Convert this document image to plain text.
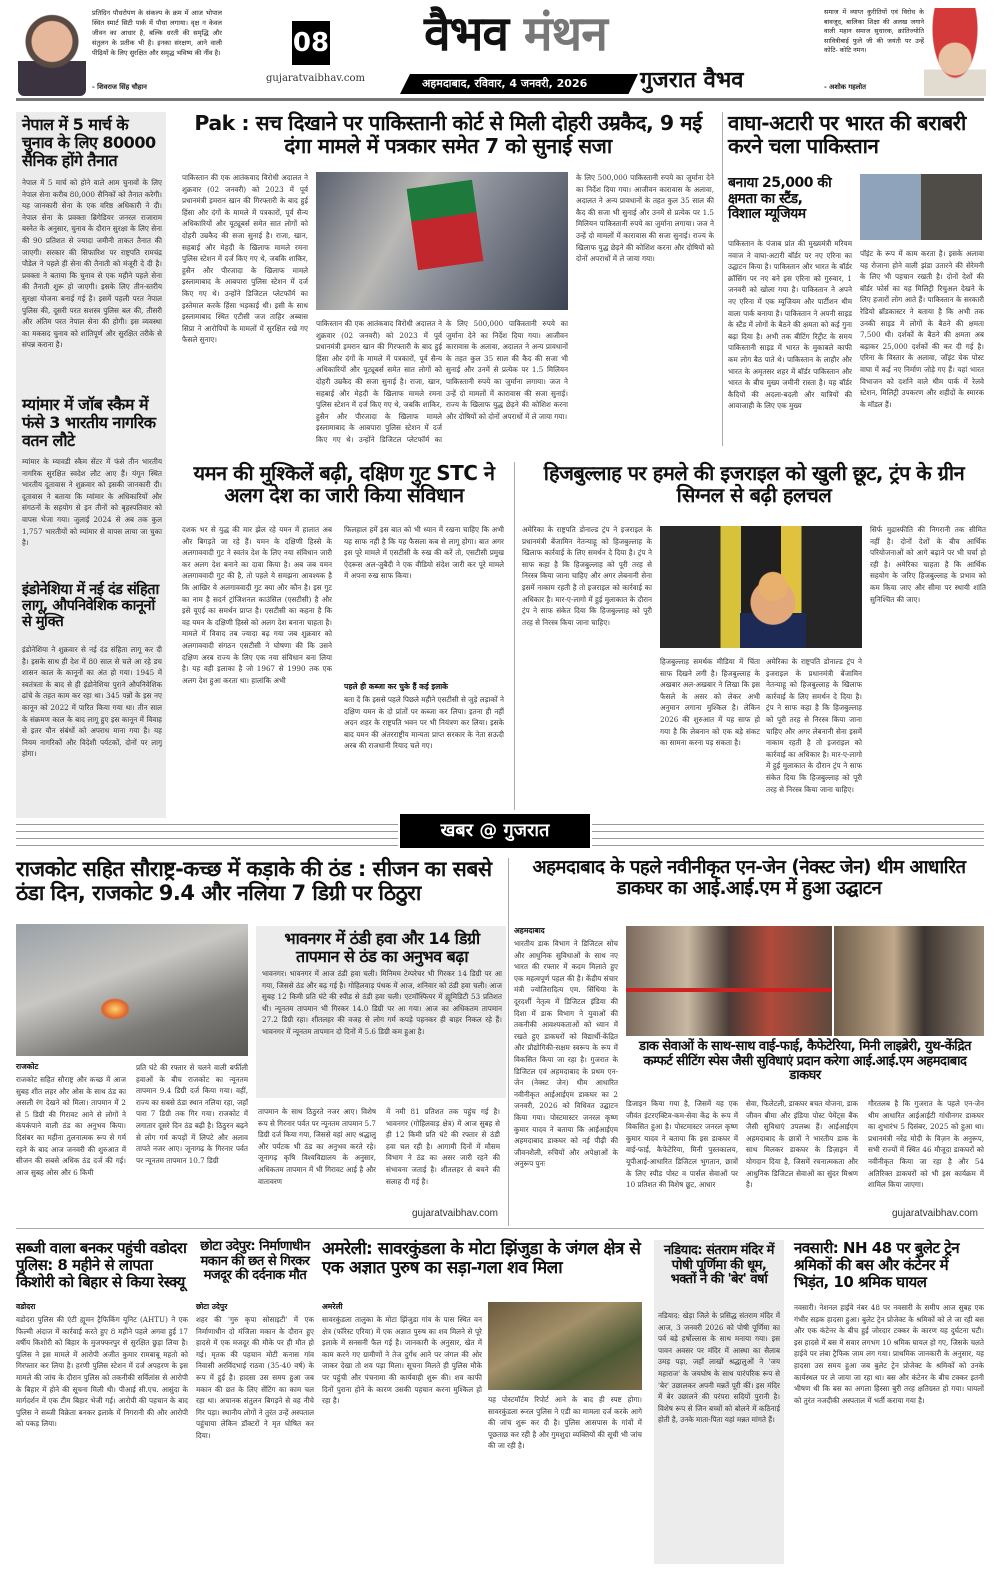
प्रतिदिन पौधरोपण के संकल्प के क्रम में आज भोपाल स्थित स्मार्ट सिटी पार्क में पौधा लगाया। वृक्ष न केवल जीवन का आधार है, बल्कि धरती की समृद्धि और संतुलन के प्रतीक भी है। इनका संरक्षण, आने वाली पीढ़ियों के लिए सुरक्षित और समृद्ध भविष्य की नींव है।
- शिवराज सिंह चौहान
08
gujaratvaibhav.com
वैभव मंथन
अहमदाबाद, रविवार, 4 जनवरी, 2026 गुजरात वैभव
समाज में व्याप्त कुरीतियों एवं विरोध के बावजूद, बालिका शिक्षा की अलख जगाने वाली महान समाज सुधारक, क्रांतिज्योति सावित्रीबाई फुले जी की जयंती पर उन्हें कोटि- कोटि नमन।
- अशोक गहलोत
नेपाल में 5 मार्च के चुनाव के लिए 80000 सैनिक होंगे तैनात
नेपाल में 5 मार्च को होने वाले आम चुनावों के लिए नेपाल सेना करीब 80,000 सैनिकों को तैनात करेगी। यह जानकारी सेना के एक वरिष्ठ अधिकारी ने दी। नेपाल सेना के प्रवक्ता ब्रिगेडियर जनरल राजाराम बस्नेत के अनुसार, चुनाव के दौरान सुरक्षा के लिए सेना की 90 प्रतिशत से ज्यादा जमीनी ताकत तैनात की जाएगी। सरकार की सिफारिश पर राष्ट्रपति रामचंद्र पौडेल ने पहले ही सेना की तैनाती को मंजूरी दे दी है। प्रवक्ता ने बताया कि चुनाव से एक महीने पहले सेना की तैनाती शुरू हो जाएगी। इसके लिए तीन-स्तरीय सुरक्षा योजना बनाई गई है। इसमें पहली परत नेपाल पुलिस की, दूसरी परत सशस्त्र पुलिस बल की, तीसरी और अंतिम परत नेपाल सेना की होगी। इस व्यवस्था का मकसद चुनाव को शांतिपूर्ण और सुरक्षित तरीके से संपन्न कराना है।
म्यांमार में जॉब स्कैम में फंसे 3 भारतीय नागरिक वतन लौटे
म्यांमार के म्यावडी स्कैम सेंटर में फंसे तीन भारतीय नागरिक सुरक्षित स्वदेश लौट आए हैं। यंगून स्थित भारतीय दूतावास ने शुक्रवार को इसकी जानकारी दी। दूतावास ने बताया कि म्यांमार के अधिकारियों और संगठनों के सहयोग से इन तीनों को बृहस्पतिवार को वापस भेजा गया। जुलाई 2024 से अब तक कुल 1,757 भारतीयों को म्यांमार से वापस लाया जा चुका है।
इंडोनेशिया में नई दंड संहिता लागू, औपनिवेशिक कानूनों से मुक्ति
इंडोनेशिया ने शुक्रवार से नई दंड संहिता लागू कर दी है। इसके साथ ही देश में 80 साल से चले आ रहे डच शासन काल के कानूनों का अंत हो गया। 1945 में स्वतंत्रता के बाद से ही इंडोनेशिया पुराने औपनिवेशिक ढांचे के तहत काम कर रहा था। 345 पन्नों के इस नए कानून को 2022 में पारित किया गया था। तीन साल के संक्रमण काल के बाद लागू हुए इस कानून में विवाह से इतर यौन संबंधों को अपराध माना गया है। यह नियम नागरिकों और विदेशी पर्यटकों, दोनों पर लागू होगा।
Pak : सच दिखाने पर पाकिस्तानी कोर्ट से मिली दोहरी उम्रकैद, 9 मई दंगा मामले में पत्रकार समेत 7 को सुनाई सजा
पाकिस्तान की एक आतंकवाद विरोधी अदालत ने शुक्रवार (02 जनवरी) को 2023 में पूर्व प्रधानमंत्री इमरान खान की गिरफ्तारी के बाद हुई हिंसा और दंगों के मामले में पत्रकारों, पूर्व सैन्य अधिकारियों और यूट्यूबर्स समेत सात लोगों को दोहरी उम्रकैद की सजा सुनाई है। राजा, खान, सहबाई और मेहदी के खिलाफ मामले रमना पुलिस स्टेशन में दर्ज किए गए थे, जबकि शाकिर, हुसैन और पीरजादा के खिलाफ मामले इस्लामाबाद के आबपारा पुलिस स्टेशन में दर्ज किए गए थे। उन्होंने डिजिटल प्लेटफॉर्म का इस्तेमाल करके हिंसा भड़काई थी। इसी के साथ इस्लामाबाद स्थित एटीसी जज ताहिर अब्बास सिप्रा ने आरोपियों के मामलों में सुरक्षित रखे गए फैसले सुनाए।
पाकिस्तान की एक आतंकवाद विरोधी अदालत ने शुक्रवार (02 जनवरी) को 2023 में पूर्व प्रधानमंत्री इमरान खान की गिरफ्तारी के बाद हुई हिंसा और दंगों के मामले में पत्रकारों, पूर्व सैन्य अधिकारियों और यूट्यूबर्स समेत सात लोगों को दोहरी उम्रकैद की सजा सुनाई है। राजा, खान, सहबाई और मेहदी के खिलाफ मामले रमना पुलिस स्टेशन में दर्ज किए गए थे, जबकि शाकिर, हुसैन और पीरजादा के खिलाफ मामले इस्लामाबाद के आबपारा पुलिस स्टेशन में दर्ज किए गए थे। उन्होंने डिजिटल प्लेटफॉर्म का
के लिए 500,000 पाकिस्तानी रुपये का जुर्माना देने का निर्देश दिया गया। आजीवन कारावास के अलावा, अदालत ने अन्य प्रावधानों के तहत कुल 35 साल की कैद की सजा भी सुनाई और उनमें से प्रत्येक पर 1.5 मिलियन पाकिस्तानी रुपये का जुर्माना लगाया। जज ने उन्हें दो मामलों में कारावास की सजा सुनाई। राज्य के खिलाफ युद्ध छेड़ने की कोशिश करना और दोषियों को दोनों अपराधों में ले जाया गया।
के लिए 500,000 पाकिस्तानी रुपये का जुर्माना देने का निर्देश दिया गया। आजीवन कारावास के अलावा, अदालत ने अन्य प्रावधानों के तहत कुल 35 साल की कैद की सजा भी सुनाई और उनमें से प्रत्येक पर 1.5 मिलियन पाकिस्तानी रुपये का जुर्माना लगाया। जज ने उन्हें दो मामलों में कारावास की सजा सुनाई। राज्य के खिलाफ युद्ध छेड़ने की कोशिश करना और दोषियों को दोनों अपराधों में ले जाया गया।
वाघा-अटारी पर भारत की बराबरी करने चला पाकिस्तान
बनाया 25,000 की क्षमता का स्टैंड, विशाल म्यूजियम
पाकिस्तान के पंजाब प्रांत की मुख्यमंत्री मरियम नवाज ने वाघा-अटारी बॉर्डर पर नए एरिना का उद्घाटन किया है। पाकिस्तान और भारत के बॉर्डर क्रॉसिंग पर नए बने इस एरिना को गुरुवार, 1 जनवरी को खोला गया है। पाकिस्तान ने अपने नए एरिना में एक म्यूजियम और पार्टीशन थीम वाला पार्क बनाया है। पाकिस्तान ने अपनी साइड के स्टैंड में लोगों के बैठने की क्षमता को कई गुना बढ़ा दिया है। अभी तक बीटिंग रिट्रीट के समय पाकिस्तानी साइड में भारत के मुकाबले काफी कम लोग बैठ पाते थे। पाकिस्तान के लाहौर और भारत के अमृतसर शहर में बॉर्डर पाकिस्तान और भारत के बीच मुख्य जमीनी रास्ता है। यह बॉर्डर कैदियों की अदला-बदली और यात्रियों की आवाजाही के लिए एक मुख्य
पॉइंट के रूप में काम करता है। इसके अलावा यह रोजाना होने वाली झंडा उतारने की सेरेमनी के लिए भी पहचान रखती है। दोनों देशों की बॉर्डर फोर्स का यह मिलिट्री रिचुअल देखने के लिए हजारों लोग आते हैं। पाकिस्तान के सरकारी रेडियो ब्रॉडकास्टर ने बताया है कि अभी तक उनकी साइड में लोगों के बैठने की क्षमता 7,500 थी। दर्शकों के बैठने की क्षमता अब बढ़ाकर 25,000 दर्शकों की कर दी गई है। एरिना के विस्तार के अलावा, जॉइंट चेक पोस्ट वाघा में कई नए निर्माण जोड़े गए हैं। यहां भारत विभाजन को दर्शाने वाले थीम पार्क में रेलवे स्टेशन, मिलिट्री उपकरण और शहीदों के स्मारक के मॉडल हैं।
यमन की मुश्किलें बढ़ी, दक्षिण गुट STC ने अलग देश का जारी किया संविधान
दशक भर से युद्ध की मार झेल रहे यमन में हालात अब और बिगड़ते जा रहे हैं। यमन के दक्षिणी हिस्से के अलगाववादी गुट ने स्वतंत्र देश के लिए नया संविधान जारी कर अलग देश बनाने का दावा किया है। अब जब यमन अलगाववादी गुट की है, तो पहले ये समझना आवश्यक है कि आखिर ये अलगाववादी गुट क्या और कौन है। इस गुट का नाम है सदर्न ट्रांजिशनल काउंसिल (एसटीसी) है और इसे यूएई का समर्थन प्राप्त है। एसटीसी का कहना है कि वह यमन के दक्षिणी हिस्से को अलग देश बनाना चाहता है। मामले में विवाद तब ज्यादा बढ़ गया जब शुक्रवार को अलगाववादी संगठन एसटीसी ने घोषणा की कि उसने दक्षिण अरब राज्य के लिए एक नया संविधान बना लिया है। यह वही इलाका है जो 1967 से 1990 तक एक अलग देश हुआ करता था। हालांकि अभी
फिलहाल हमें इस बात को भी ध्यान में रखना चाहिए कि अभी यह साफ नहीं है कि यह फैसला कब से लागू होगा। बात अगर इस पूरे मामले में एसटीसी के रुख की करें तो, एसटीसी प्रमुख ऐदरूस अल-जुबैदी ने एक वीडियो संदेश जारी कर पूरे मामले में अपना रुख साफ किया।
पहले ही कब्जा कर चुके हैं कई इलाके
बता दें कि इससे पहले पिछले महीने एसटीसी से जुड़े लड़ाकों ने दक्षिण यमन के दो प्रांतों पर कब्जा कर लिया। इतना ही नहीं अदन शहर के राष्ट्रपति भवन पर भी नियंत्रण कर लिया। इसके बाद यमन की अंतरराष्ट्रीय मान्यता प्राप्त सरकार के नेता सऊदी अरब की राजधानी रियाद चले गए।
हिजबुल्लाह पर हमले की इजराइल को खुली छूट, ट्रंप के ग्रीन सिग्नल से बढ़ी हलचल
अमेरिका के राष्ट्रपति डोनाल्ड ट्रंप ने इजराइल के प्रधानमंत्री बेंजामिन नेतन्याहू को हिजबुल्लाह के खिलाफ कार्रवाई के लिए समर्थन दे दिया है। ट्रंप ने साफ कहा है कि हिजबुल्लाह को पूरी तरह से निरस्त्र किया जाना चाहिए और अगर लेबनानी सेना इसमें नाकाम रहती है तो इजराइल को कार्रवाई का अधिकार है। मार-ए-लागो में हुई मुलाकात के दौरान ट्रंप ने साफ संकेत दिया कि हिजबुल्लाह को पूरी तरह से निरस्त्र किया जाना चाहिए।
हिजबुल्लाह समर्थक मीडिया में चिंता साफ दिखने लगी है। हिजबुल्लाह के अखबार अल-अखबार ने लिखा कि इस फैसले के असर को लेकर अभी अनुमान लगाना मुश्किल है। लेकिन 2026 की शुरुआत में यह साफ हो गया है कि लेबनान को एक बड़े संकट का सामना करना पड़ सकता है।
अमेरिका के राष्ट्रपति डोनाल्ड ट्रंप ने इजराइल के प्रधानमंत्री बेंजामिन नेतन्याहू को हिजबुल्लाह के खिलाफ कार्रवाई के लिए समर्थन दे दिया है। ट्रंप ने साफ कहा है कि हिजबुल्लाह को पूरी तरह से निरस्त्र किया जाना चाहिए और अगर लेबनानी सेना इसमें नाकाम रहती है तो इजराइल को कार्रवाई का अधिकार है। मार-ए-लागो में हुई मुलाकात के दौरान ट्रंप ने साफ संकेत दिया कि हिजबुल्लाह को पूरी तरह से निरस्त्र किया जाना चाहिए।
सिर्फ मुद्रास्फीति की निगरानी तक सीमित नहीं है। दोनों देशों के बीच आर्थिक परियोजनाओं को आगे बढ़ाने पर भी चर्चा हो रही है। अमेरिका चाहता है कि आर्थिक सहयोग के जरिए हिजबुल्लाह के प्रभाव को कम किया जाए और सीमा पर स्थायी शांति सुनिश्चित की जाए।
खबर @ गुजरात
राजकोट सहित सौराष्ट्र-कच्छ में कड़ाके की ठंड : सीजन का सबसे ठंडा दिन, राजकोट 9.4 और नलिया 7 डिग्री पर ठिठुरा
राजकोट
राजकोट सहित सौराष्ट्र और कच्छ में आज सुबह शीत लहर और ओस के साथ ठंड का असली रंग देखने को मिला। तापमान में 2 से 5 डिग्री की गिरावट आने से लोगों ने कंपकंपाने वाली ठंड का अनुभव किया। दिसंबर का महीना तुलनात्मक रूप से गर्म रहने के बाद आज जनवरी की शुरुआत में सीजन की सबसे अधिक ठंड दर्ज की गई। आज सुबह ओस और 6 किमी
प्रति घंटे की रफ्तार से चलने वाली बर्फीली हवाओं के बीच राजकोट का न्यूनतम तापमान 9.4 डिग्री दर्ज किया गया। वहीं, राज्य का सबसे ठंडा स्थान नलिया रहा, जहाँ पारा 7 डिग्री तक गिर गया। राजकोट में लगातार दूसरे दिन ठंड बढ़ी है। ठिठुरन बढ़ने से लोग गर्म कपड़ों में लिपटे और अलाव तापते नजर आए। जूनागढ़ के गिरनार पर्वत पर न्यूनतम तापमान 10.7 डिग्री
तापमान के साथ ठिठुरते नजर आए। विशेष रूप से गिरनार पर्वत पर न्यूनतम तापमान 5.7 डिग्री दर्ज किया गया, जिससे वहां आए श्रद्धालु और पर्यटक भी ठंड का अनुभव करते रहे। जूनागढ़ कृषि विश्वविद्यालय के अनुसार, अधिकतम तापमान में भी गिरावट आई है और वातावरण
में नमी 81 प्रतिशत तक पहुंच गई है। भावनगर (गोहिलवाड़ क्षेत्र) में आज सुबह से ही 12 किमी प्रति घंटे की रफ्तार से ठंडी हवा चल रही है। आगामी दिनों में मौसम विभाग ने ठंड का असर जारी रहने की संभावना जताई है। शीतलहर से बचने की सलाह दी गई है।
gujaratvaibhav.com
भावनगर में ठंडी हवा और 14 डिग्री तापमान से ठंड का अनुभव बढ़ा
भावनगर। भावनगर में आज ठंडी हवा चली। मिनिमम टेम्परेचर भी गिरकर 14 डिग्री पर आ गया, जिससे ठंड और बढ़ गई है। गोहिलवाड़ पंथक में आज, शनिवार को ठंडी हवा चली। आज सुबह 12 किमी प्रति घंटे की स्पीड से ठंडी हवा चली। एटमॉस्फियर में ह्यूमिडिटी 53 प्रतिशत थी। न्यूनतम तापमान भी गिरकर 14.0 डिग्री पर आ गया। आज का अधिकतम तापमान 27.2 डिग्री रहा। शीतलहर की वजह से लोग गर्म कपड़े पहनकर ही बाहर निकल रहे हैं। भावनगर में न्यूनतम तापमान दो दिनों में 5.6 डिग्री कम हुआ है।
अहमदाबाद के पहले नवीनीकृत एन-जेन (नेक्स्ट जेन) थीम आधारित डाकघर का आई.आई.एम में हुआ उद्घाटन
अहमदाबाद
भारतीय डाक विभाग ने डिजिटल सोच और आधुनिक सुविधाओं के साथ नए भारत की रफ्तार में कदम मिलाते हुए एक महत्वपूर्ण पहल की है। केंद्रीय संचार मंत्री ज्योतिरादित्य एम. सिंधिया के दूरदर्शी नेतृत्व में डिजिटल इंडिया की दिशा में डाक विभाग ने युवाओं की तकनीकी आवश्यकताओं को ध्यान में रखते हुए डाकघरों को विद्यार्थी-केंद्रित और प्रौद्योगिकी-सक्षम स्वरूप के रूप में विकसित किया जा रहा है। गुजरात के डिजिटल एवं अहमदाबाद के प्रथम एन-जेन (नेक्स्ट जेन) थीम आधारित नवीनीकृत आईआईएम डाकघर का 2 जनवरी, 2026 को विधिवत उद्घाटन किया गया। पोस्टमास्टर जनरल कृष्ण कुमार यादव ने बताया कि आईआईएम अहमदाबाद डाकघर को नई पीढ़ी की जीवनशैली, रुचियों और अपेक्षाओं के अनुरूप पुनः
डाक सेवाओं के साथ-साथ वाई-फाई, कैफेटेरिया, मिनी लाइब्रेरी, युथ-केंद्रित कम्फर्ट सीटिंग स्पेस जैसी सुविधाएं प्रदान करेगा आई.आई.एम अहमदाबाद डाकघर
डिजाइन किया गया है, जिसमें यह एक जीवंत इंटरएक्टिव-कम-सेवा केंद्र के रूप में विकसित हुआ है। पोस्टमास्टर जनरल कृष्ण कुमार यादव ने बताया कि इस डाकघर में वाई-फाई, कैफेटेरिया, मिनी पुस्तकालय, यूपीआई-आधारित डिजिटल भुगतान, छात्रों के लिए स्पीड पोस्ट व पार्सल सेवाओं पर 10 प्रतिशत की विशेष छूट, आधार
सेवा, फिलेटली, डाकघर बचत योजना, डाक जीवन बीमा और इंडिया पोस्ट पेमेंट्स बैंक जैसी सुविधाएं उपलब्ध हैं। आईआईएम अहमदाबाद के छात्रों ने भारतीय डाक के साथ मिलकर डाकघर के डिज़ाइन में योगदान दिया है, जिसमें रचनात्मकता और आधुनिक डिजिटल सेवाओं का सुंदर मिश्रण है।
गौरतलब है कि गुजरात के पहले एन-जेन थीम आधारित आईआईटी गांधीनगर डाकघर का शुभारंभ 5 दिसंबर, 2025 को हुआ था। प्रधानमंत्री नरेंद्र मोदी के विज़न के अनुरूप, सभी राज्यों में स्थित 46 मौजूदा डाकघरों को नवीनीकृत किया जा रहा है और 54 अतिरिक्त डाकघरों को भी इस कार्यक्रम में शामिल किया जाएगा।
gujaratvaibhav.com
सब्जी वाला बनकर पहुंची वडोदरा पुलिस: 8 महीने से लापता किशोरी को बिहार से किया रेस्क्यू
वडोदरा
वडोदरा पुलिस की एंटी ह्यूमन ट्रैफिकिंग यूनिट (AHTU) ने एक फिल्मी अंदाज में कार्रवाई करते हुए 8 महीने पहले अगवा हुई 17 वर्षीय किशोरी को बिहार के मुजफ्फरपुर से सुरक्षित छुड़ा लिया है। पुलिस ने इस मामले में आरोपी अजीत कुमार रामबाबू महतो को गिरफ्तार कर लिया है। हरणी पुलिस स्टेशन में दर्ज अपहरण के इस मामले की जांच के दौरान पुलिस को तकनीकी सर्विलांस से आरोपी के बिहार में होने की सूचना मिली थी। पीआई सी.एच. आसुंदा के मार्गदर्शन में एक टीम बिहार भेजी गई। आरोपी की पहचान के बाद पुलिस ने सब्जी विक्रेता बनकर इलाके में निगरानी की और आरोपी को पकड़ लिया।
छोटा उदेपुर: निर्माणाधीन मकान की छत से गिरकर मजदूर की दर्दनाक मौत
छोटा उदेपुर
शहर की 'गुरु कृपा सोसाइटी' में एक निर्माणाधीन दो मंजिला मकान के दौरान हुए हादसे में एक मजदूर की मौके पर ही मौत हो गई। मृतक की पहचान मोटी कनास गांव निवासी अरविंदभाई राठवा (35-40 वर्ष) के रूप में हुई है। हादसा उस समय हुआ जब मकान की छत के लिए सेंटिंग का काम चल रहा था। अचानक संतुलन बिगड़ने से वह नीचे गिर पड़ा। स्थानीय लोगों ने तुरंत उन्हें अस्पताल पहुंचाया लेकिन डॉक्टरों ने मृत घोषित कर दिया।
अमरेली: सावरकुंडला के मोटा झिंजुडा के जंगल क्षेत्र से एक अज्ञात पुरुष का सड़ा-गला शव मिला
अमरेली
सावरकुंडला तालुका के मोटा झिंजुडा गांव के पास स्थित वन क्षेत्र (फॉरेस्ट एरिया) में एक अज्ञात पुरुष का शव मिलने से पूरे इलाके में सनसनी फैल गई है। जानकारी के अनुसार, खेत में काम करने गए ग्रामीणों ने तेज दुर्गंध आने पर जंगल की ओर जाकर देखा तो शव पड़ा मिला। सूचना मिलते ही पुलिस मौके पर पहुंची और पंचनामा की कार्यवाही शुरू की। शव काफी दिनों पुराना होने के कारण उसकी पहचान करना मुश्किल हो रहा है।	यह पोस्टमॉर्टम रिपोर्ट आने के बाद ही स्पष्ट होगा। सावरकुंडला रूरल पुलिस ने एडी का मामला दर्ज करके आगे की जांच शुरू कर दी है। पुलिस आसपास के गांवों में पूछताछ कर रही है और गुमशुदा व्यक्तियों की सूची भी जांच की जा रही है।
नडियाद: संतराम मंदिर में पोषी पूर्णिमा की धूम, भक्तों ने की 'बेर' वर्षा
नडियाद: खेड़ा जिले के प्रसिद्ध संतराम मंदिर में आज, 3 जनवरी 2026 को पोषी पूर्णिमा का पर्व बड़े हर्षोल्लास के साथ मनाया गया। इस पावन अवसर पर मंदिर में आस्था का सैलाब उमड़ पड़ा, जहाँ लाखों श्रद्धालुओं ने 'जय महाराज' के जयघोष के साथ पारंपरिक रूप से 'बेर' उछालकर अपनी मन्नतें पूरी कीं। इस मंदिर में बेर उछालने की परंपरा सदियों पुरानी है। विशेष रूप से जिन बच्चों को बोलने में कठिनाई होती है, उनके माता-पिता यहां मन्नत मांगते हैं।
नवसारी: NH 48 पर बुलेट ट्रेन श्रमिकों की बस और कंटेनर में भिड़ंत, 10 श्रमिक घायल
नवसारी। नेशनल हाईवे नंबर 48 पर नवसारी के समीप आज सुबह एक गंभीर सड़क हादसा हुआ। बुलेट ट्रेन प्रोजेक्ट के श्रमिकों को ले जा रही बस और एक कंटेनर के बीच हुई जोरदार टक्कर के कारण यह दुर्घटना घटी। इस हादसे में बस में सवार लगभग 10 श्रमिक घायल हो गए, जिसके चलते हाईवे पर लंबा ट्रैफिक जाम लग गया। प्राथमिक जानकारी के अनुसार, यह हादसा उस समय हुआ जब बुलेट ट्रेन प्रोजेक्ट के श्रमिकों को उनके कार्यस्थल पर ले जाया जा रहा था। बस और कंटेनर के बीच टक्कर इतनी भीषण थी कि बस का अगला हिस्सा बुरी तरह क्षतिग्रस्त हो गया। घायलों को तुरंत नजदीकी अस्पताल में भर्ती कराया गया है।
